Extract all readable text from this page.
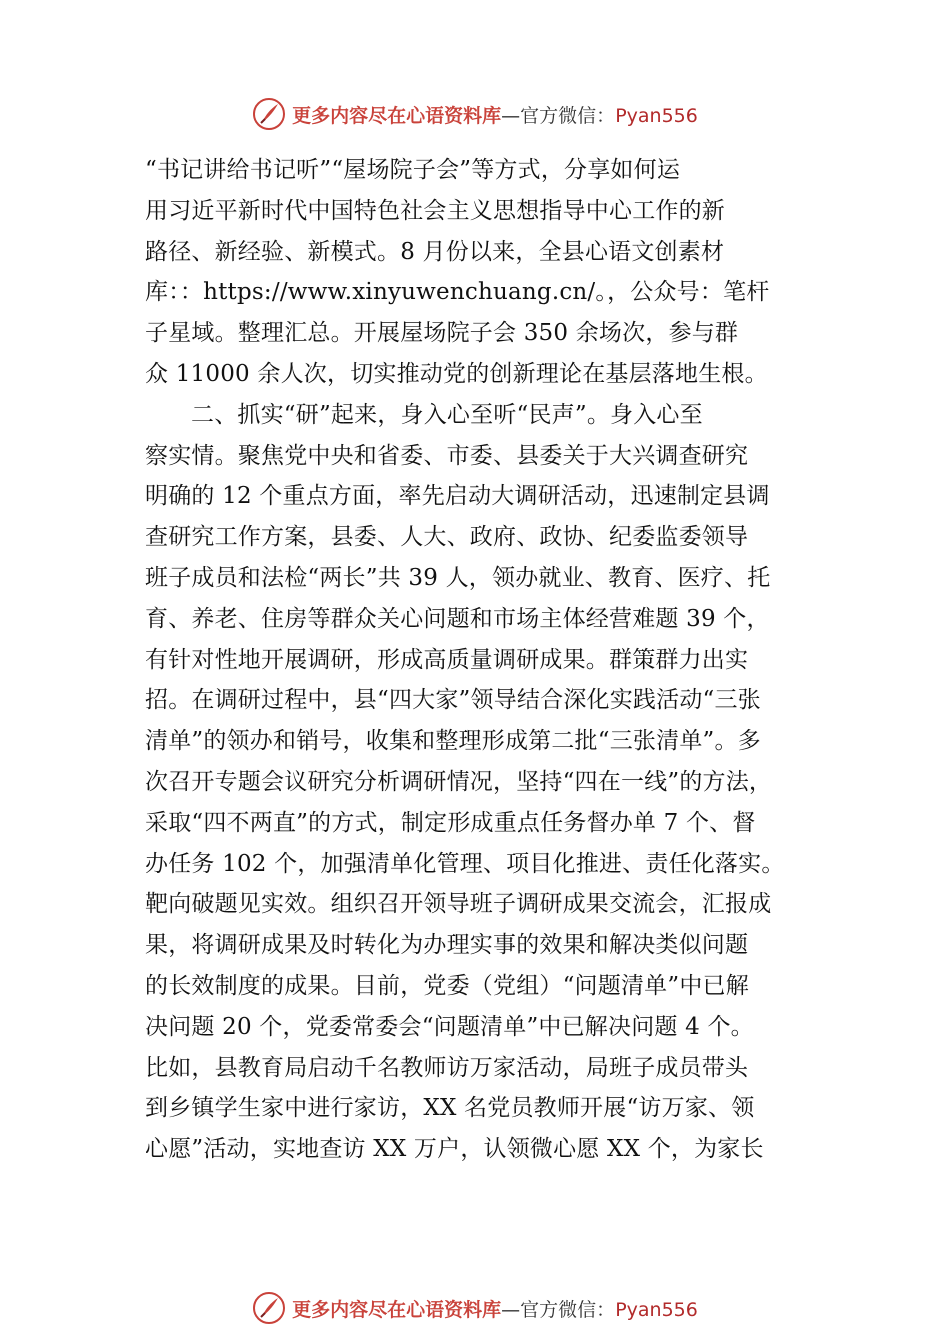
更多内容尽在心语资料库—官方微信：Pyan556
“书记讲给书记听”“屋场院子会”等方式，分享如何运
用习近平新时代中国特色社会主义思想指导中心工作的新
路径、新经验、新模式。8 月份以来，全县心语文创素材
库：：https://www.xinyuwenchuang.cn/。，公众号：笔杆
子星域。整理汇总。开展屋场院子会 350 余场次，参与群
众 11000 余人次，切实推动党的创新理论在基层落地生根。
二、抓实“研”起来，身入心至听“民声”。身入心至
察实情。聚焦党中央和省委、市委、县委关于大兴调查研究
明确的 12 个重点方面，率先启动大调研活动，迅速制定县调
查研究工作方案，县委、人大、政府、政协、纪委监委领导
班子成员和法检“两长”共 39 人，领办就业、教育、医疗、托
育、养老、住房等群众关心问题和市场主体经营难题 39 个，
有针对性地开展调研，形成高质量调研成果。群策群力出实
招。在调研过程中，县“四大家”领导结合深化实践活动“三张
清单”的领办和销号，收集和整理形成第二批“三张清单”。多
次召开专题会议研究分析调研情况，坚持“四在一线”的方法，
采取“四不两直”的方式，制定形成重点任务督办单 7 个、督
办任务 102 个，加强清单化管理、项目化推进、责任化落实。
靶向破题见实效。组织召开领导班子调研成果交流会，汇报成
果，将调研成果及时转化为办理实事的效果和解决类似问题
的长效制度的成果。目前，党委（党组）“问题清单”中已解
决问题 20 个，党委常委会“问题清单”中已解决问题 4 个。
比如，县教育局启动千名教师访万家活动，局班子成员带头
到乡镇学生家中进行家访，XX 名党员教师开展“访万家、领
心愿”活动，实地查访 XX 万户，认领微心愿 XX 个，为家长
更多内容尽在心语资料库—官方微信：Pyan556
